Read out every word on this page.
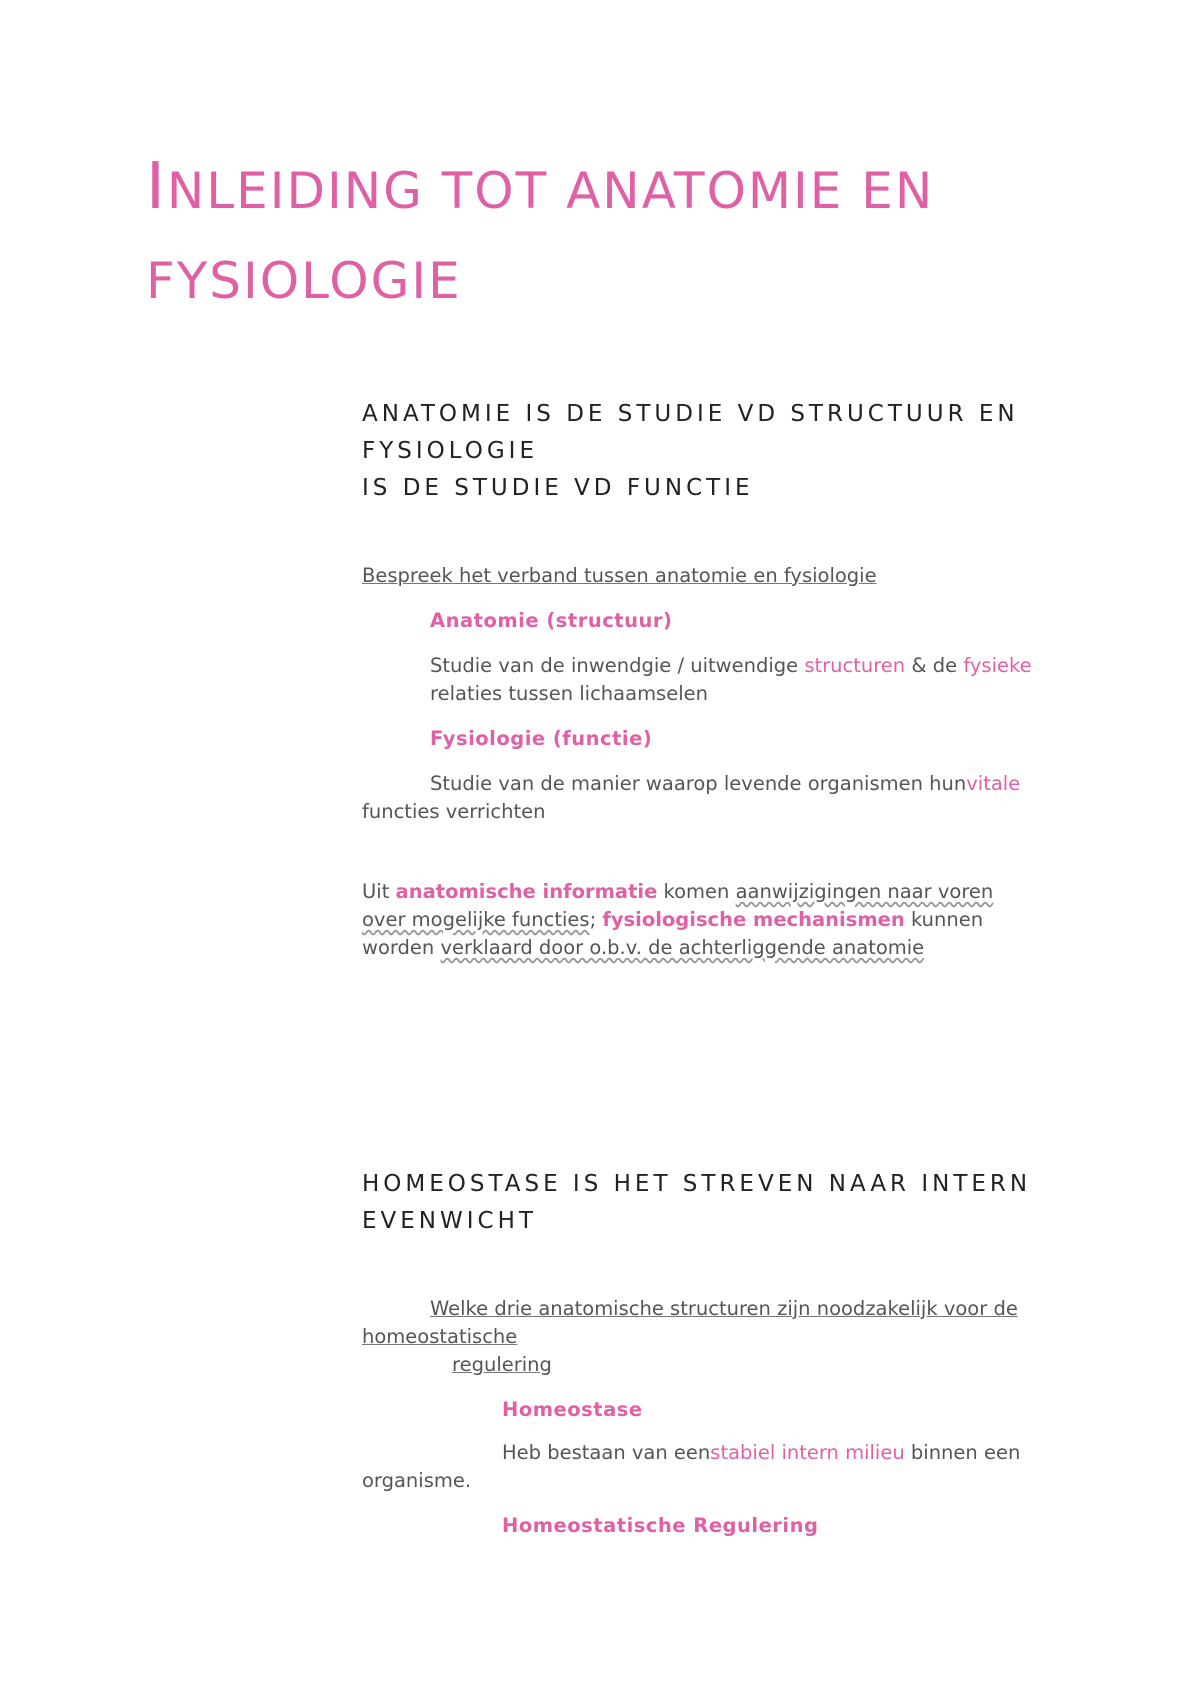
INLEIDING TOT ANATOMIE EN
FYSIOLOGIE
ANATOMIE IS DE STUDIE VD STRUCTUUR EN
FYSIOLOGIE
IS DE STUDIE VD FUNCTIE

Bespreek het verband tussen anatomie en fysiologie

Anatomie (structuur)

Studie van de inwendgie / uitwendige structuren & de fysieke
relaties tussen lichaamselen

Fysiologie (functie)

Studie van de manier waarop levende organismen hunvitale
functies verrichten

Uit anatomische informatie komen aanwijzigingen naar voren
over mogelijke functies; fysiologische mechanismen kunnen
worden verklaard door o.b.v. de achterliggende anatomie

HOMEOSTASE IS HET STREVEN NAAR INTERN
EVENWICHT

Welke drie anatomische structuren zijn noodzakelijk voor de
homeostatische
regulering

Homeostase

Heb bestaan van eenstabiel intern milieu binnen een
organisme.

Homeostatische Regulering
